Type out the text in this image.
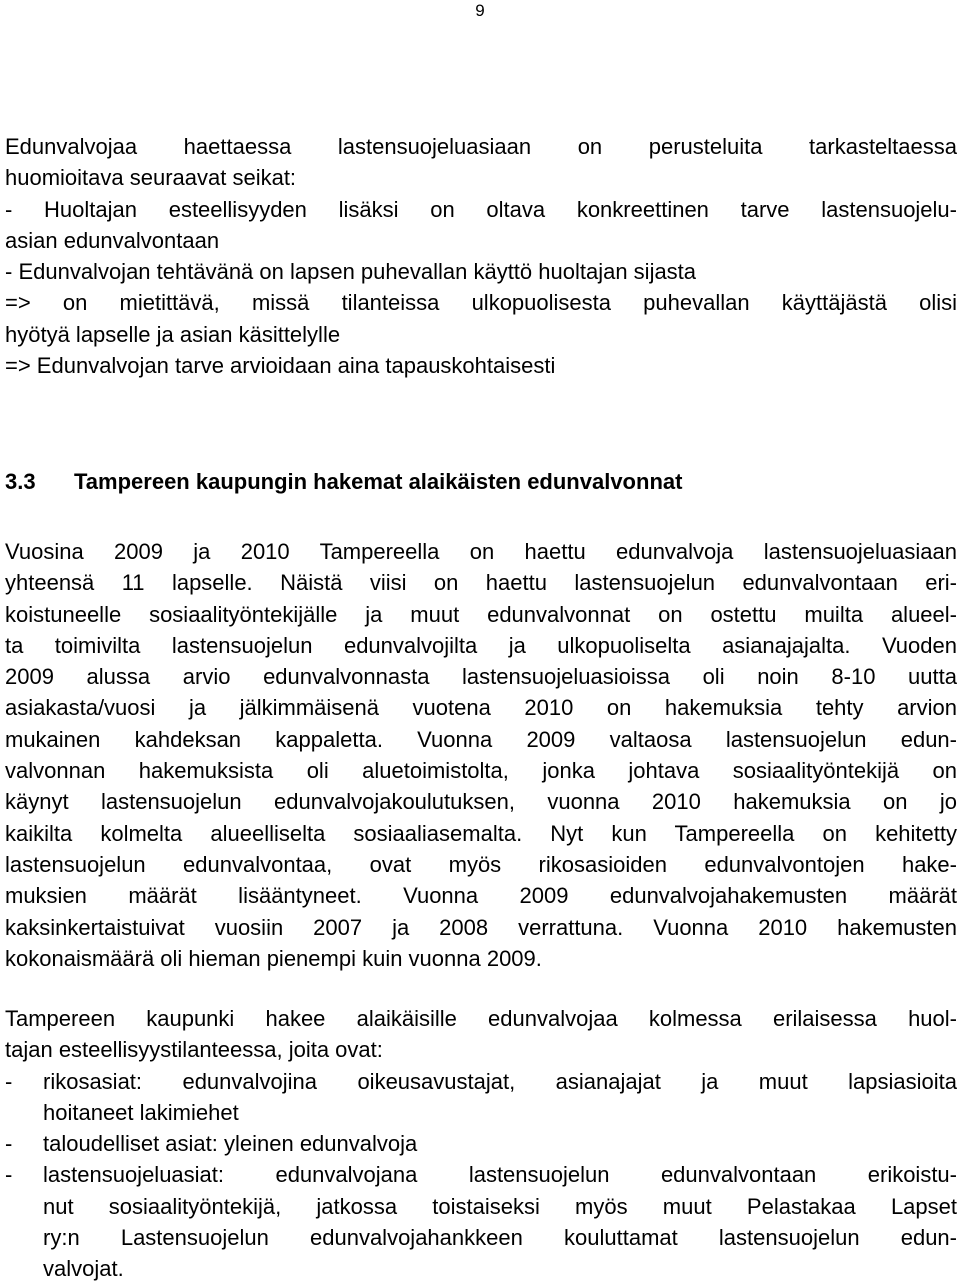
9
Edunvalvojaa haettaessa lastensuojeluasiaan on perusteluita tarkasteltaessa
huomioitava seuraavat seikat:
- Huoltajan esteellisyyden lisäksi on oltava konkreettinen tarve lastensuojelu-
asian edunvalvontaan
- Edunvalvojan tehtävänä on lapsen puhevallan käyttö huoltajan sijasta
=> on mietittävä, missä tilanteissa ulkopuolisesta puhevallan käyttäjästä olisi
hyötyä lapselle ja asian käsittelylle
=> Edunvalvojan tarve arvioidaan aina tapauskohtaisesti
3.3 Tampereen kaupungin hakemat alaikäisten edunvalvonnat
Vuosina 2009 ja 2010 Tampereella on haettu edunvalvoja lastensuojeluasiaan
yhteensä 11 lapselle. Näistä viisi on haettu lastensuojelun edunvalvontaan eri-
koistuneelle sosiaalityöntekijälle ja muut edunvalvonnat on ostettu muilta alueel-
ta toimivilta lastensuojelun edunvalvojilta ja ulkopuoliselta asianajajalta. Vuoden
2009 alussa arvio edunvalvonnasta lastensuojeluasioissa oli noin 8-10 uutta
asiakasta/vuosi ja jälkimmäisenä vuotena 2010 on hakemuksia tehty arvion
mukainen kahdeksan kappaletta. Vuonna 2009 valtaosa lastensuojelun edun-
valvonnan hakemuksista oli aluetoimistolta, jonka johtava sosiaalityöntekijä on
käynyt lastensuojelun edunvalvojakoulutuksen, vuonna 2010 hakemuksia on jo
kaikilta kolmelta alueelliselta sosiaaliasemalta. Nyt kun Tampereella on kehitetty
lastensuojelun edunvalvontaa, ovat myös rikosasioiden edunvalvontojen hake-
muksien määrät lisääntyneet. Vuonna 2009 edunvalvojahakemusten määrät
kaksinkertaistuivat vuosiin 2007 ja 2008 verrattuna. Vuonna 2010 hakemusten
kokonaismäärä oli hieman pienempi kuin vuonna 2009.
Tampereen kaupunki hakee alaikäisille edunvalvojaa kolmessa erilaisessa huol-
tajan esteellisyystilanteessa, joita ovat:
-	rikosasiat: edunvalvojina oikeusavustajat, asianajajat ja muut lapsiasioita
hoitaneet lakimiehet
-	taloudelliset asiat: yleinen edunvalvoja
-	lastensuojeluasiat: edunvalvojana lastensuojelun edunvalvontaan erikoistu-
nut sosiaalityöntekijä, jatkossa toistaiseksi myös muut Pelastakaa Lapset
ry:n Lastensuojelun edunvalvojahankkeen kouluttamat lastensuojelun edun-
valvojat.
